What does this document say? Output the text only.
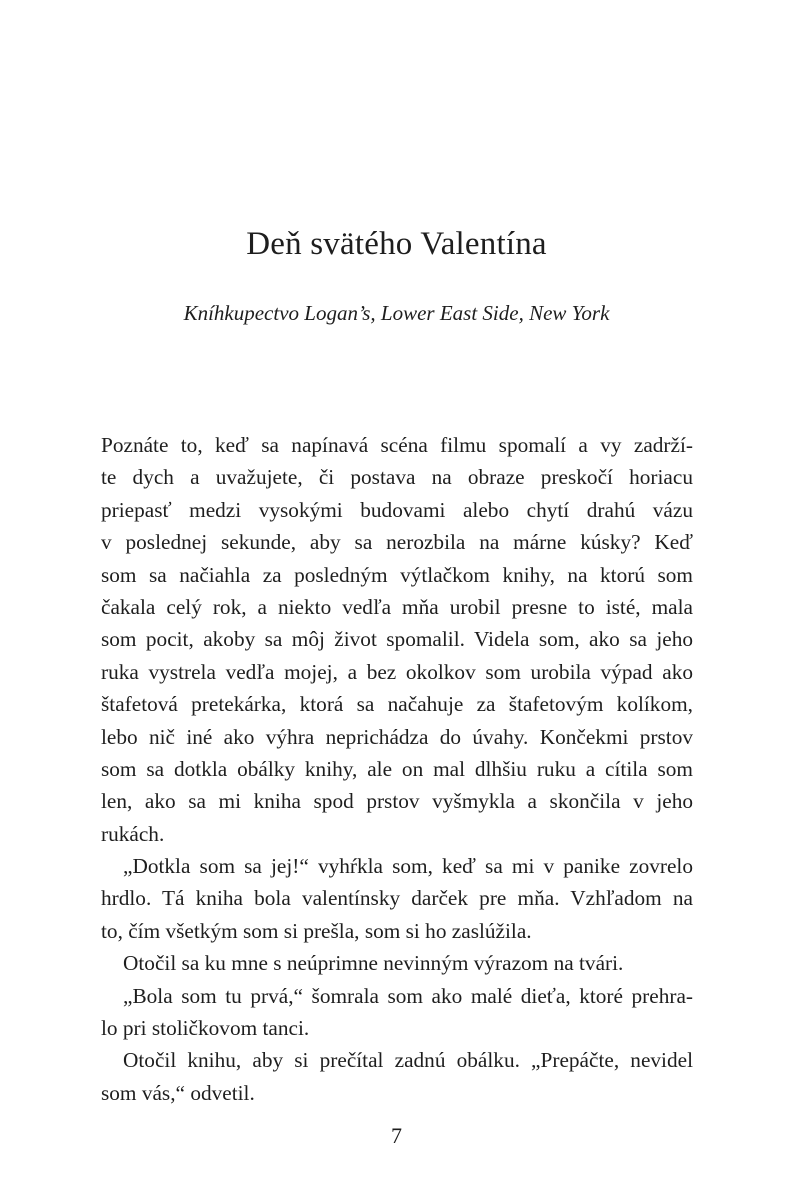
Deň svätého Valentína

Kníhkupectvo Logan’s, Lower East Side, New York

Poznáte to, keď sa napínavá scéna filmu spomalí a vy zadrží-
te dych a uvažujete, či postava na obraze preskočí horiacu
priepasť medzi vysokými budovami alebo chytí drahú vázu
v poslednej sekunde, aby sa nerozbila na márne kúsky? Keď
som sa načiahla za posledným výtlačkom knihy, na ktorú som
čakala celý rok, a niekto vedľa mňa urobil presne to isté, mala
som pocit, akoby sa môj život spomalil. Videla som, ako sa jeho
ruka vystrela vedľa mojej, a bez okolkov som urobila výpad ako
štafetová pretekárka, ktorá sa načahuje za štafetovým kolíkom,
lebo nič iné ako výhra neprichádza do úvahy. Končekmi prstov
som sa dotkla obálky knihy, ale on mal dlhšiu ruku a cítila som
len, ako sa mi kniha spod prstov vyšmykla a skončila v jeho
rukách.
„Dotkla som sa jej!“ vyhŕkla som, keď sa mi v panike zovrelo
hrdlo. Tá kniha bola valentínsky darček pre mňa. Vzhľadom na
to, čím všetkým som si prešla, som si ho zaslúžila.
Otočil sa ku mne s neúprimne nevinným výrazom na tvári.
„Bola som tu prvá,“ šomrala som ako malé dieťa, ktoré prehra-
lo pri stoličkovom tanci.
Otočil knihu, aby si prečítal zadnú obálku. „Prepáčte, nevidel
som vás,“ odvetil.
7
